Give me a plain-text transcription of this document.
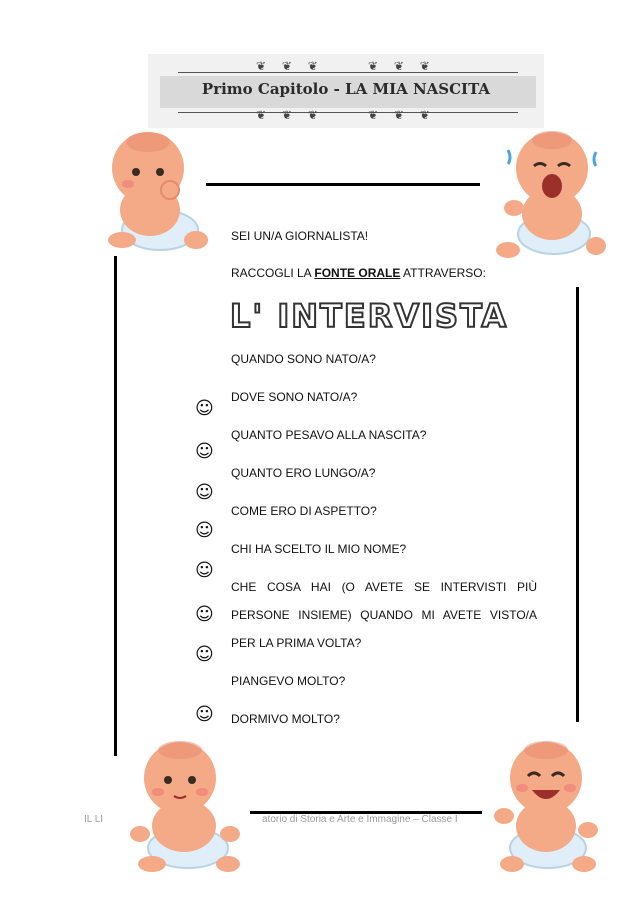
❦ ❦ ❦	❦ ❦ ❦
Primo Capitolo - LA MIA NASCITA
❦ ❦ ❦	❦ ❦ ❦
SEI UN/A GIORNALISTA!
RACCOGLI LA FONTE ORALE ATTRAVERSO:
L' INTERVISTA
QUANDO SONO NATO/A?
DOVE SONO NATO/A?
QUANTO PESAVO ALLA NASCITA?
QUANTO ERO LUNGO/A?
COME ERO DI ASPETTO?
CHI HA SCELTO IL MIO NOME?
CHE COSA HAI (O AVETE SE INTERVISTI PIÙ
PERSONE INSIEME) QUANDO MI AVETE VISTO/A
PER LA PRIMA VOLTA?
PIANGEVO MOLTO?
DORMIVO MOLTO?
☺
☺
☺
☺
☺
☺
☺
☺
IL LI	atorio di Storia e Arte e Immagine – Classe I
